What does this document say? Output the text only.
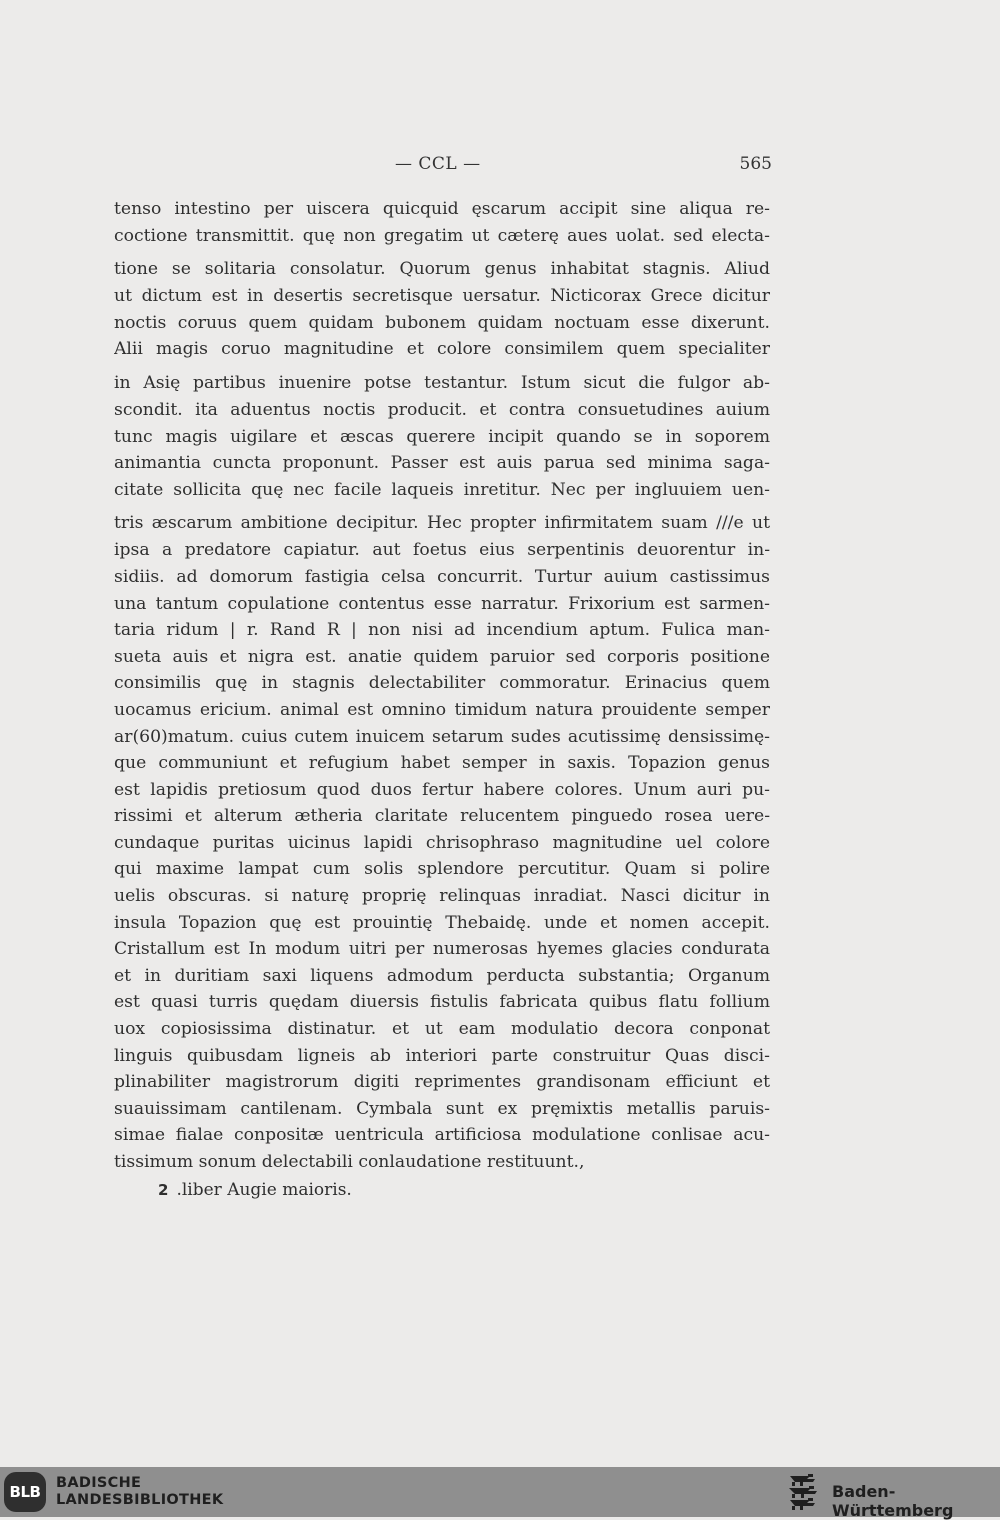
— CCL —	565
tenso intestino per uiscera quicquid ęscarum accipit sine aliqua re-
coctione transmittit. quę non gregatim ut cæterę aues uolat. sed electa-
tione se solitaria consolatur. Quorum genus inhabitat stagnis. Aliud
ut dictum est in desertis secretisque uersatur. Nicticorax Grece dicitur
noctis coruus quem quidam bubonem quidam noctuam esse dixerunt.
Alii magis coruo magnitudine et colore consimilem quem specialiter
in Asię partibus inuenire potse testantur. Istum sicut die fulgor ab-
scondit. ita aduentus noctis producit. et contra consuetudines auium
tunc magis uigilare et æscas querere incipit quando se in soporem
animantia cuncta proponunt. Passer est auis parua sed minima saga-
citate sollicita quę nec facile laqueis inretitur. Nec per ingluuiem uen-
tris æscarum ambitione decipitur. Hec propter infirmitatem suam ///e ut
ipsa a predatore capiatur. aut foetus eius serpentinis deuorentur in-
sidiis. ad domorum fastigia celsa concurrit. Turtur auium castissimus
una tantum copulatione contentus esse narratur. Frixorium est sarmen-
taria ridum | r. Rand R | non nisi ad incendium aptum. Fulica man-
sueta auis et nigra est. anatie quidem paruior sed corporis positione
consimilis quę in stagnis delectabiliter commoratur. Erinacius quem
uocamus ericium. animal est omnino timidum natura prouidente semper
ar(60)matum. cuius cutem inuicem setarum sudes acutissimę densissimę-
que communiunt et refugium habet semper in saxis. Topazion genus
est lapidis pretiosum quod duos fertur habere colores. Unum auri pu-
rissimi et alterum ætheria claritate relucentem pinguedo rosea uere-
cundaque puritas uicinus lapidi chrisophraso magnitudine uel colore
qui maxime lampat cum solis splendore percutitur. Quam si polire
uelis obscuras. si naturę proprię relinquas inradiat. Nasci dicitur in
insula Topazion quę est prouintię Thebaidę. unde et nomen accepit.
Cristallum est In modum uitri per numerosas hyemes glacies condurata
et in duritiam saxi liquens admodum perducta substantia; Organum
est quasi turris quędam diuersis fistulis fabricata quibus flatu follium
uox copiosissima distinatur. et ut eam modulatio decora conponat
linguis quibusdam ligneis ab interiori parte construitur Quas disci-
plinabiliter magistrorum digiti reprimentes grandisonam efficiunt et
suauissimam cantilenam. Cymbala sunt ex pręmixtis metallis paruis-
simae fialae conpositæ uentricula artificiosa modulatione conlisae acu-
tissimum sonum delectabili conlaudatione restituunt.,
2 .liber Augie maioris.
BLB	BADISCHE
LANDESBIBLIOTHEK	Baden-Württemberg
